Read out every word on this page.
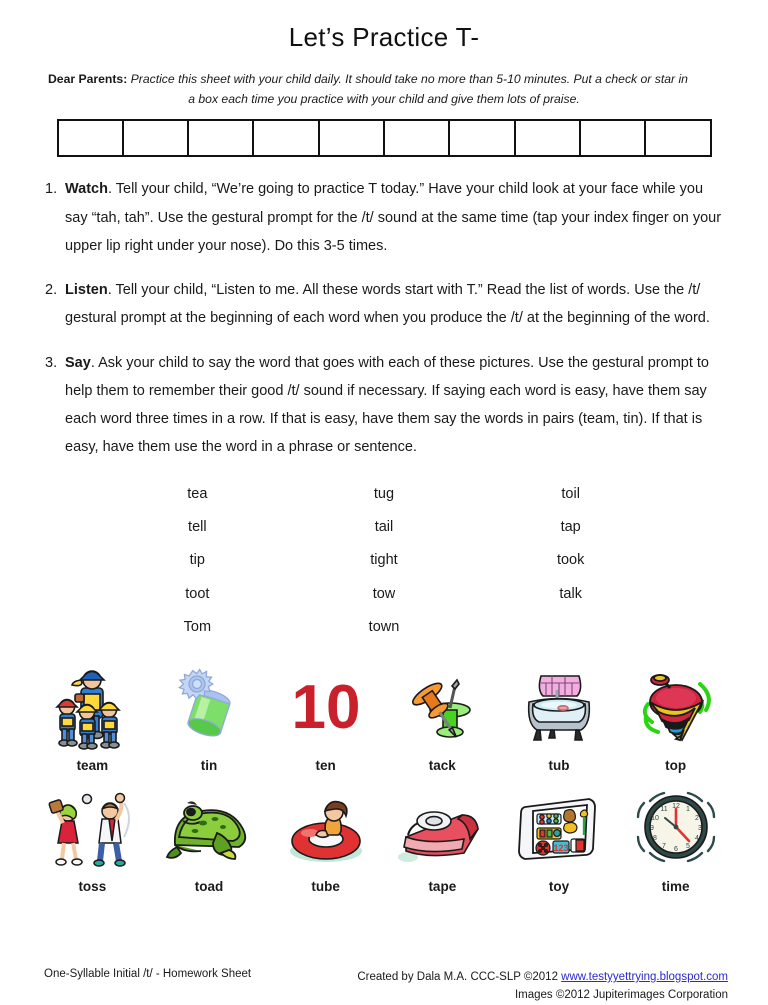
Let’s Practice T-
Dear Parents: Practice this sheet with your child daily. It should take no more than 5-10 minutes. Put a check or star in
a box each time you practice with your child and give them lots of praise.
1. Watch. Tell your child, “We’re going to practice T today.” Have your child look at your face while you say “tah, tah”. Use the gestural prompt for the /t/ sound at the same time (tap your index finger on your upper lip right under your nose). Do this 3-5 times.
2. Listen. Tell your child, “Listen to me. All these words start with T.” Read the list of words. Use the /t/ gestural prompt at the beginning of each word when you produce the /t/ at the beginning of the word.
3. Say. Ask your child to say the word that goes with each of these pictures. Use the gestural prompt to help them to remember their good /t/ sound if necessary. If saying each word is easy, have them say each word three times in a row. If that is easy, have them say the words in pairs (team, tin). If that is easy, have them use the word in a phrase or sentence.
tea	tug	toil
tell	tail	tap
tip	tight	took
toot	tow	talk
Tom	town
team	tin
10
ten	tack	tub	top
toss	toad	tube	tape
123
toy
12 1
2
3
4
5
6
7
8
9
10
11
time
One-Syllable Initial /t/ - Homework Sheet	Created by Dala M.A. CCC-SLP ©2012 www.testyyettrying.blogspot.com
Images ©2012 Jupiterimages Corporation
